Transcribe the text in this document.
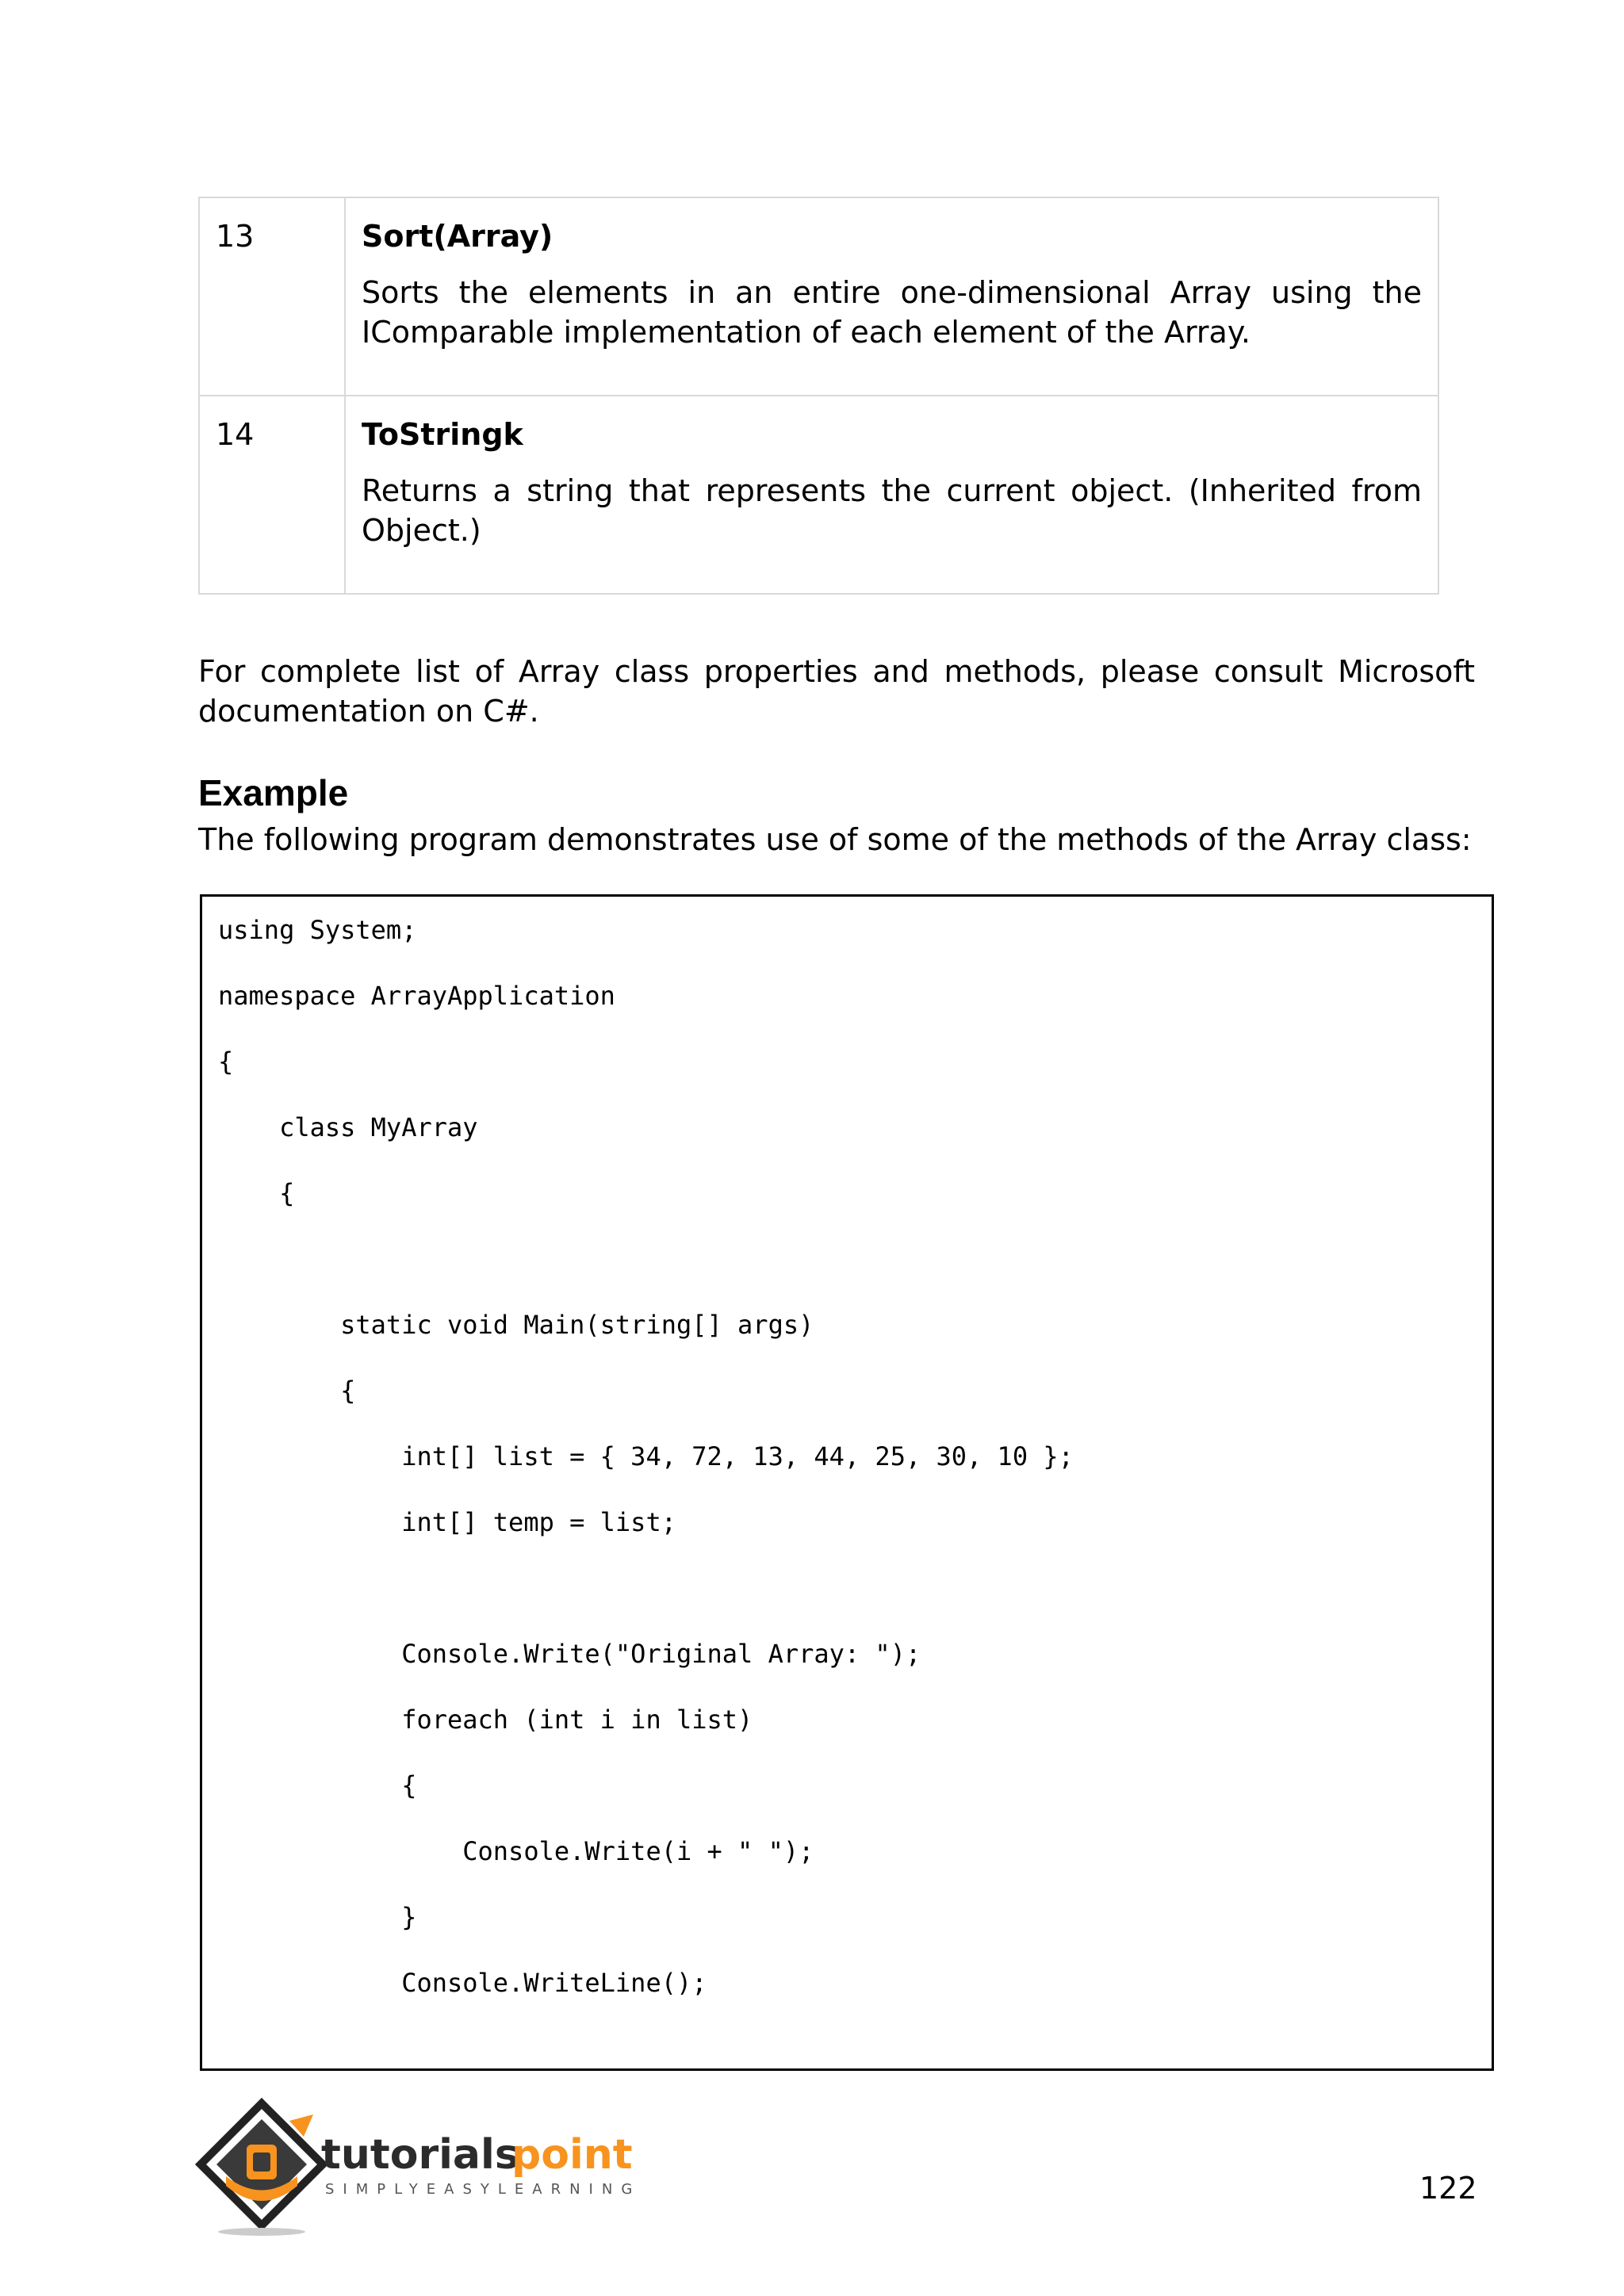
13	Sort(Array)

Sorts the elements in an entire one-dimensional Array using the IComparable implementation of each element of the Array.

14	ToStringk

Returns a string that represents the current object. (Inherited from Object.)

For complete list of Array class properties and methods, please consult Microsoft documentation on C#.

Example

The following program demonstrates use of some of the methods of the Array class:

using System;
namespace ArrayApplication
{
class MyArray
{
static void Main(string[] args)
{
int[] list = { 34, 72, 13, 44, 25, 30, 10 };
int[] temp = list;
Console.Write("Original Array: ");
foreach (int i in list)
{
Console.Write(i + " ");
}
Console.WriteLine();
tutorials
point
SIMPLYEASYLEARNING	122
